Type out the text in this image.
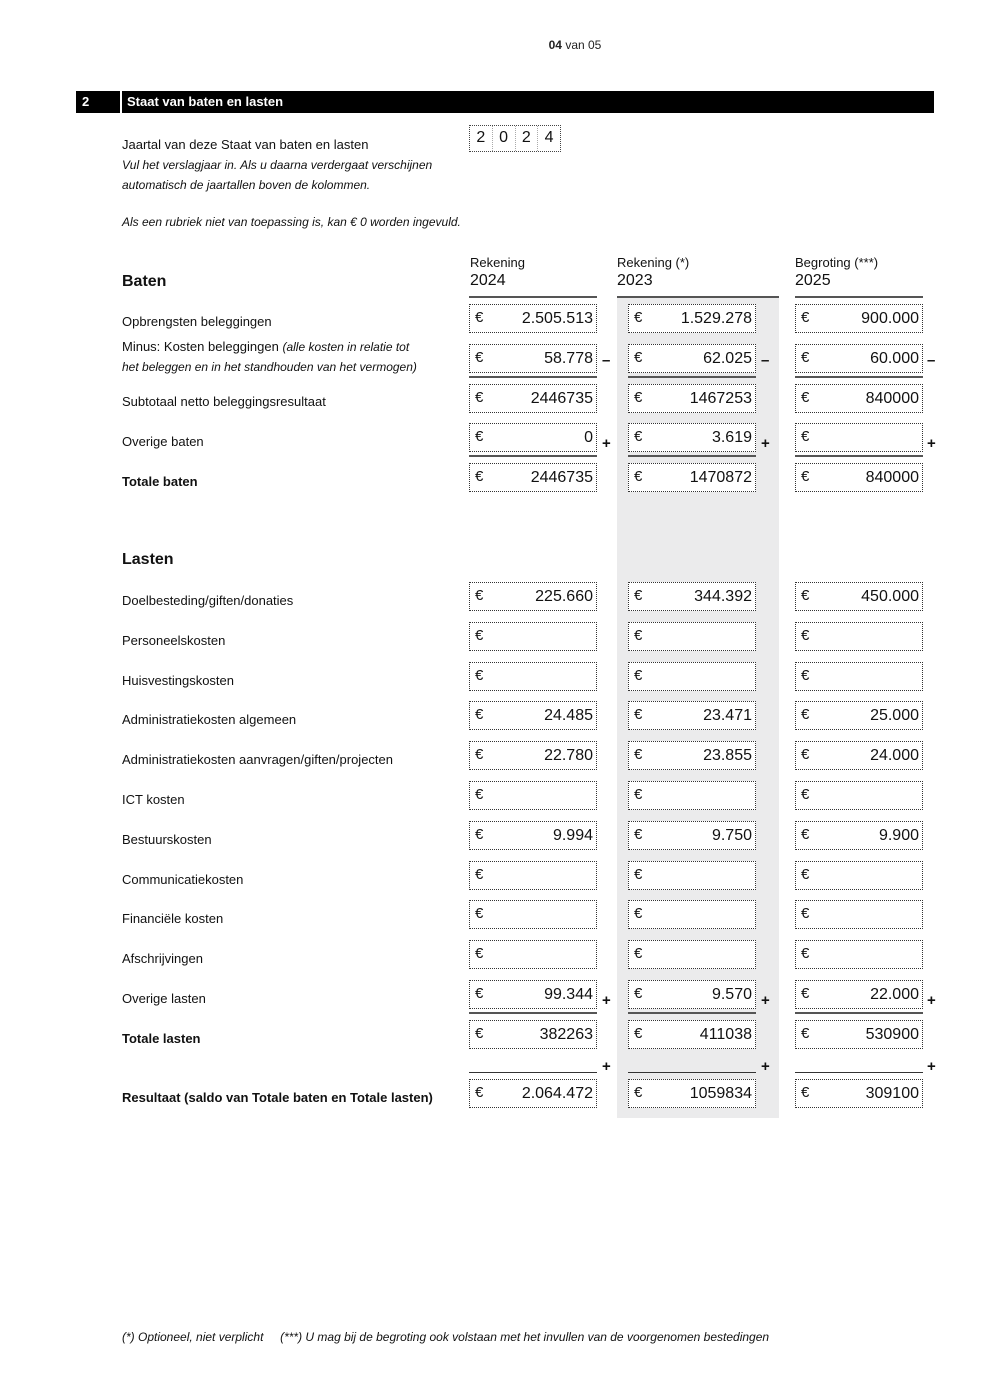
04 van 05
2	Staat van baten en lasten
Jaartal van deze Staat van baten en lasten
Vul het verslagjaar in. Als u daarna verdergaat verschijnen
automatisch de jaartallen boven de kolommen.
Als een rubriek niet van toepassing is, kan € 0 worden ingevuld.
2 0 2 4
Rekening
2024
Rekening (*)
2023
Begroting (***)
2025
Baten
Opbrengsten beleggingen	€ 2.505.513	€ 1.529.278	€	900.000
Minus: Kosten beleggingen (alle kosten in relatie tot
het beleggen en in het standhouden van het vermogen)
€	58.778 – €	62.025 – €	60.000 –
Subtotaal netto beleggingsresultaat	€	2446735	€	1467253	€	840000
Overige baten	€	0 + €	3.619 + €	+
Totale baten	€	2446735	€	1470872	€	840000
Lasten
Doelbesteding/giften/donaties	€	225.660	€	344.392	€	450.000
Personeelskosten	€	€	€
Huisvestingskosten	€	€	€
Administratiekosten algemeen	€	24.485	€	23.471	€	25.000
Administratiekosten aanvragen/giften/projecten	€	22.780	€	23.855	€	24.000
ICT kosten	€	€	€
Bestuurskosten	€	9.994	€	9.750	€	9.900
Communicatiekosten	€	€	€
Financiële kosten	€	€	€
Afschrijvingen	€	€	€
Overige lasten	€	99.344 + €	9.570 + €	22.000 +
Totale lasten	€	382263	€	411038	€	530900
+	+	+
Resultaat (saldo van Totale baten en Totale lasten)	€ 2.064.472	€	1059834	€	309100
(*) Optioneel, niet verplicht (***) U mag bij de begroting ook volstaan met het invullen van de voorgenomen bestedingen
